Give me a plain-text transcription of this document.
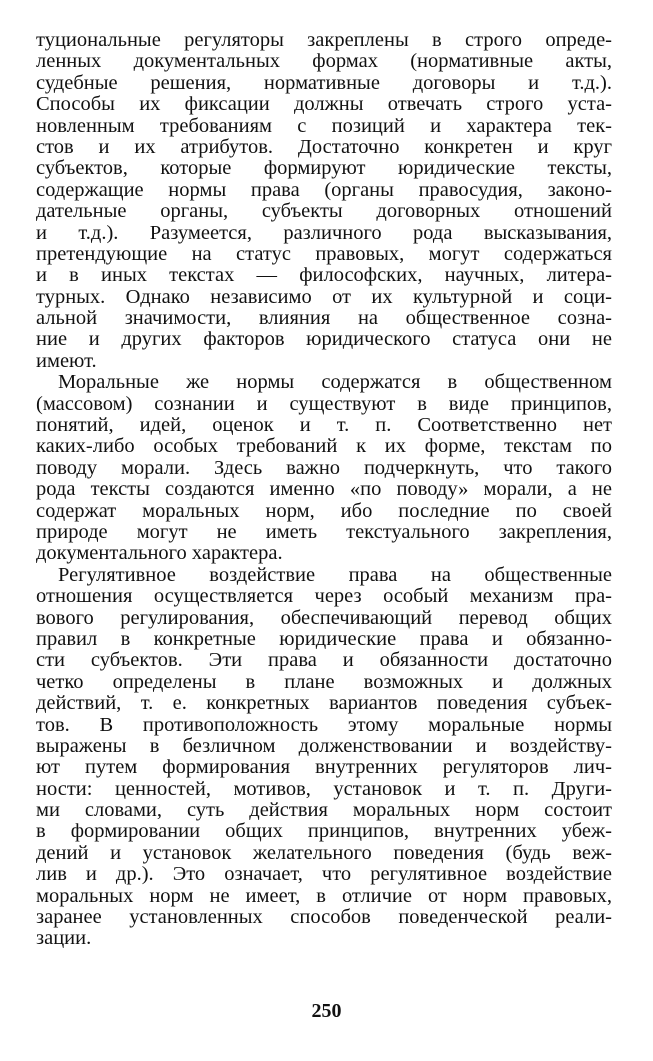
туциональные регуляторы закреплены в строго опреде-
ленных документальных формах (нормативные акты,
судебные решения, нормативные договоры и т.д.).
Способы их фиксации должны отвечать строго уста-
новленным требованиям с позиций и характера тек-
стов и их атрибутов. Достаточно конкретен и круг
субъектов, которые формируют юридические тексты,
содержащие нормы права (органы правосудия, законо-
дательные органы, субъекты договорных отношений
и т.д.). Разумеется, различного рода высказывания,
претендующие на статус правовых, могут содержаться
и в иных текстах — философских, научных, литера-
турных. Однако независимо от их культурной и соци-
альной значимости, влияния на общественное созна-
ние и других факторов юридического статуса они не
имеют.
Моральные же нормы содержатся в общественном
(массовом) сознании и существуют в виде принципов,
понятий, идей, оценок и т. п. Соответственно нет
каких-либо особых требований к их форме, текстам по
поводу морали. Здесь важно подчеркнуть, что такого
рода тексты создаются именно «по поводу» морали, а не
содержат моральных норм, ибо последние по своей
природе могут не иметь текстуального закрепления,
документального характера.
Регулятивное воздействие права на общественные
отношения осуществляется через особый механизм пра-
вового регулирования, обеспечивающий перевод общих
правил в конкретные юридические права и обязанно-
сти субъектов. Эти права и обязанности достаточно
четко определены в плане возможных и должных
действий, т. е. конкретных вариантов поведения субъек-
тов. В противоположность этому моральные нормы
выражены в безличном долженствовании и воздейству-
ют путем формирования внутренних регуляторов лич-
ности: ценностей, мотивов, установок и т. п. Други-
ми словами, суть действия моральных норм состоит
в формировании общих принципов, внутренних убеж-
дений и установок желательного поведения (будь веж-
лив и др.). Это означает, что регулятивное воздействие
моральных норм не имеет, в отличие от норм правовых,
заранее установленных способов поведенческой реали-
зации.
250
